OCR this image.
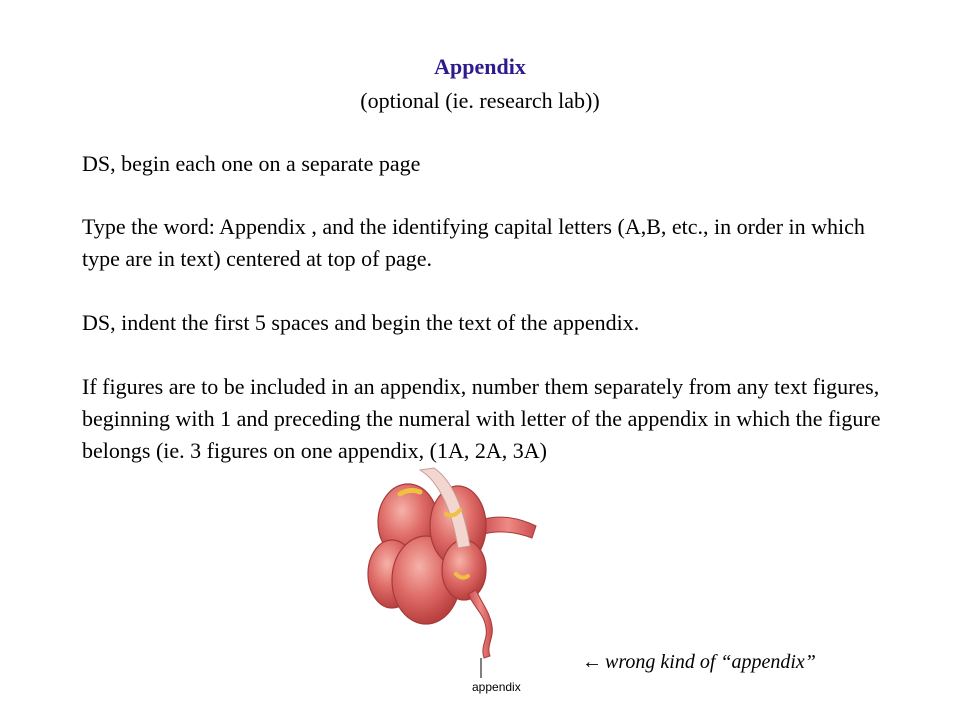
Appendix
(optional (ie. research lab))

DS, begin each one on a separate page

Type the word: Appendix , and the identifying capital letters (A,B, etc., in order in which type are in text) centered at top of page.

DS, indent the first 5 spaces and begin the text of the appendix.

If figures are to be included in an appendix, number them separately from any text figures, beginning with 1 and preceding the numeral with letter of the appendix in which the figure belongs (ie. 3 figures on one appendix, (1A, 2A, 3A)

appendix
← wrong kind of “appendix”
